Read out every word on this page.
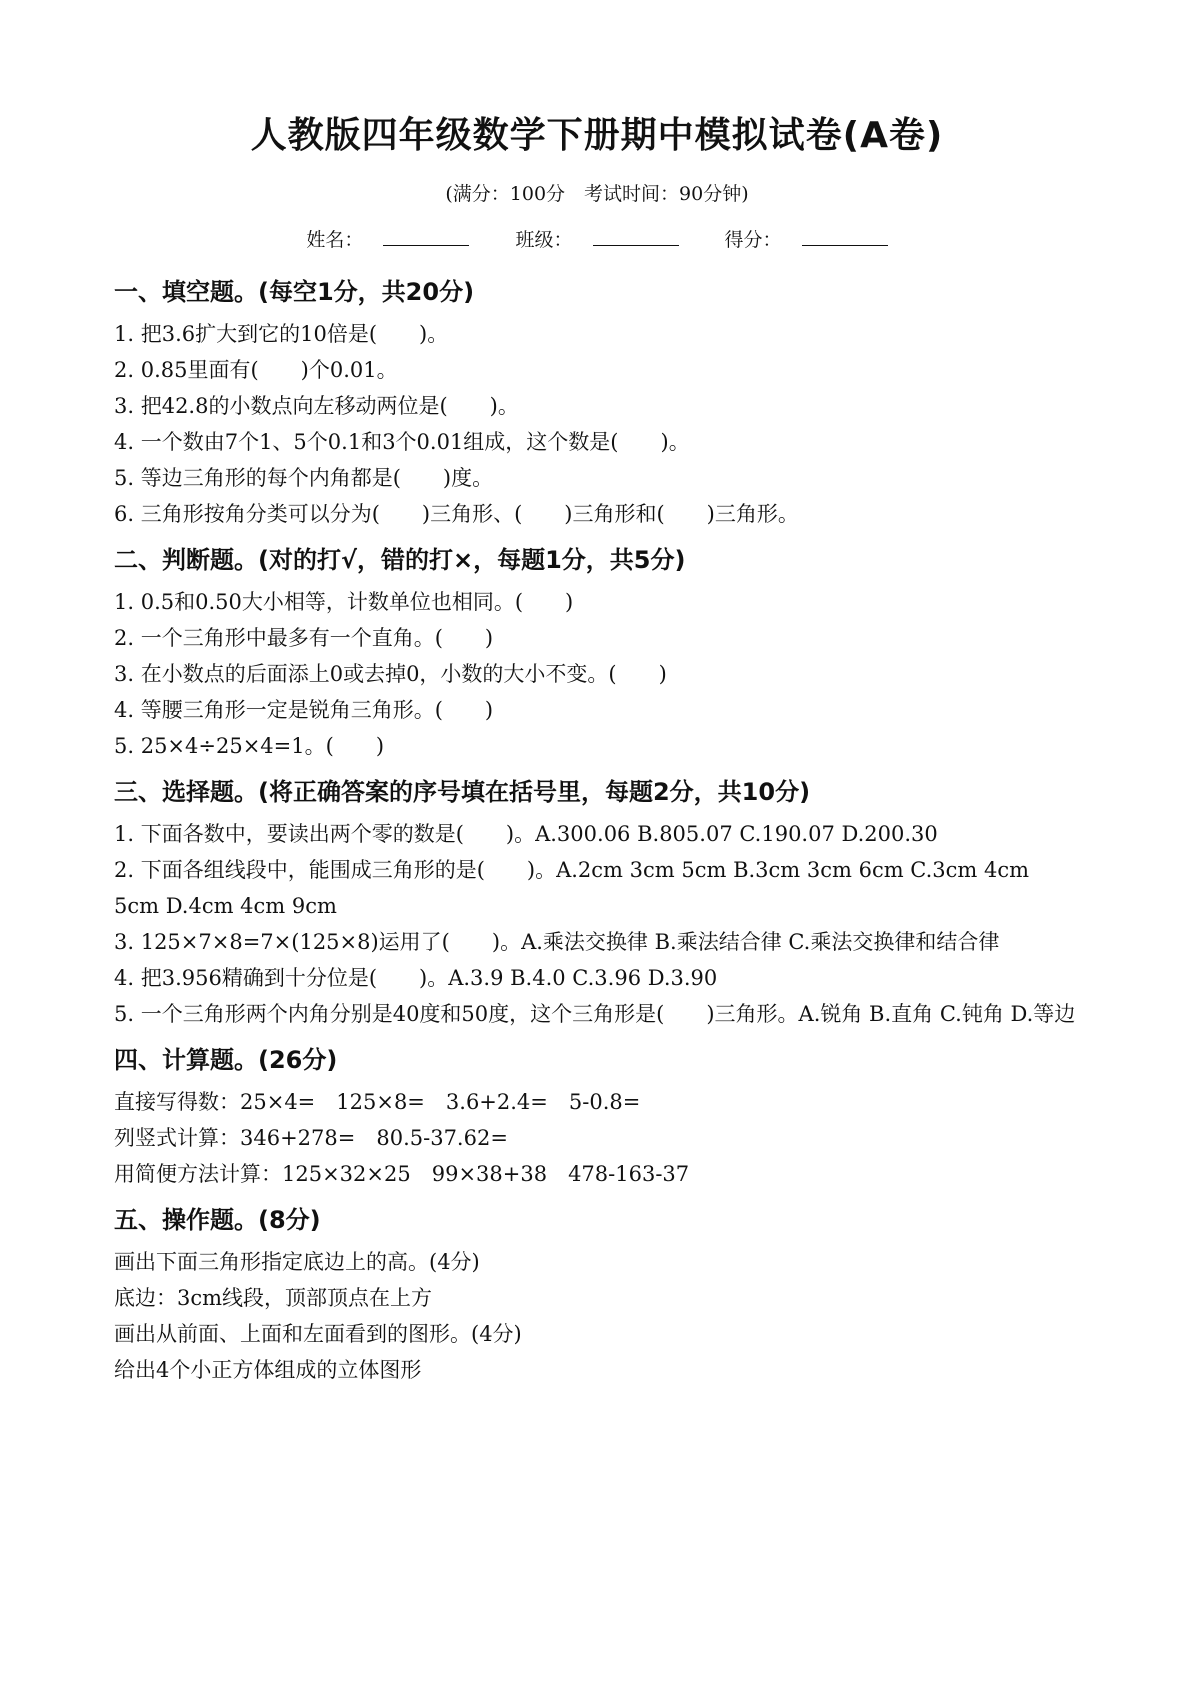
人教版四年级数学下册期中模拟试卷(A卷)
(满分：100分　考试时间：90分钟)
姓名：	班级：	得分：
一、填空题。(每空1分，共20分)

1. 把3.6扩大到它的10倍是(　　)。

2. 0.85里面有(　　)个0.01。

3. 把42.8的小数点向左移动两位是(　　)。

4. 一个数由7个1、5个0.1和3个0.01组成，这个数是(　　)。

5. 等边三角形的每个内角都是(　　)度。

6. 三角形按角分类可以分为(　　)三角形、(　　)三角形和(　　)三角形。

二、判断题。(对的打√，错的打×，每题1分，共5分)

1. 0.5和0.50大小相等，计数单位也相同。(　　)

2. 一个三角形中最多有一个直角。(　　)

3. 在小数点的后面添上0或去掉0，小数的大小不变。(　　)

4. 等腰三角形一定是锐角三角形。(　　)

5. 25×4÷25×4=1。(　　)

三、选择题。(将正确答案的序号填在括号里，每题2分，共10分)

1. 下面各数中，要读出两个零的数是(　　)。A.300.06 B.805.07 C.190.07 D.200.30

2. 下面各组线段中，能围成三角形的是(　　)。A.2cm 3cm 5cm B.3cm 3cm 6cm C.3cm 4cm 5cm D.4cm 4cm 9cm

3. 125×7×8=7×(125×8)运用了(　　)。A.乘法交换律 B.乘法结合律 C.乘法交换律和结合律

4. 把3.956精确到十分位是(　　)。A.3.9 B.4.0 C.3.96 D.3.90

5. 一个三角形两个内角分别是40度和50度，这个三角形是(　　)三角形。A.锐角 B.直角 C.钝角 D.等边

四、计算题。(26分)

直接写得数：25×4=　125×8=　3.6+2.4=　5-0.8=

列竖式计算：346+278=　80.5-37.62=

用简便方法计算：125×32×25　99×38+38　478-163-37

五、操作题。(8分)

画出下面三角形指定底边上的高。(4分)

底边：3cm线段，顶部顶点在上方

画出从前面、上面和左面看到的图形。(4分)

给出4个小正方体组成的立体图形
